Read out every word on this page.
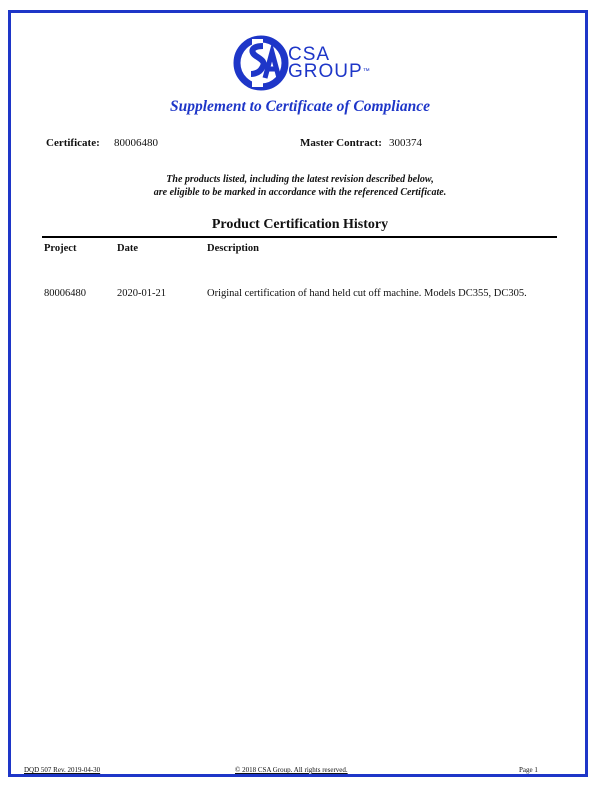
CSA
GROUP™
Supplement to Certificate of Compliance
Certificate: 80006480	Master Contract: 300374
The products listed, including the latest revision described below,
are eligible to be marked in accordance with the referenced Certificate.
Product Certification History
Project	Date	Description
80006480	2020-01-21	Original certification of hand held cut off machine. Models DC355, DC305.
DQD 507 Rev. 2019-04-30	© 2018 CSA Group. All rights reserved.	Page 1
